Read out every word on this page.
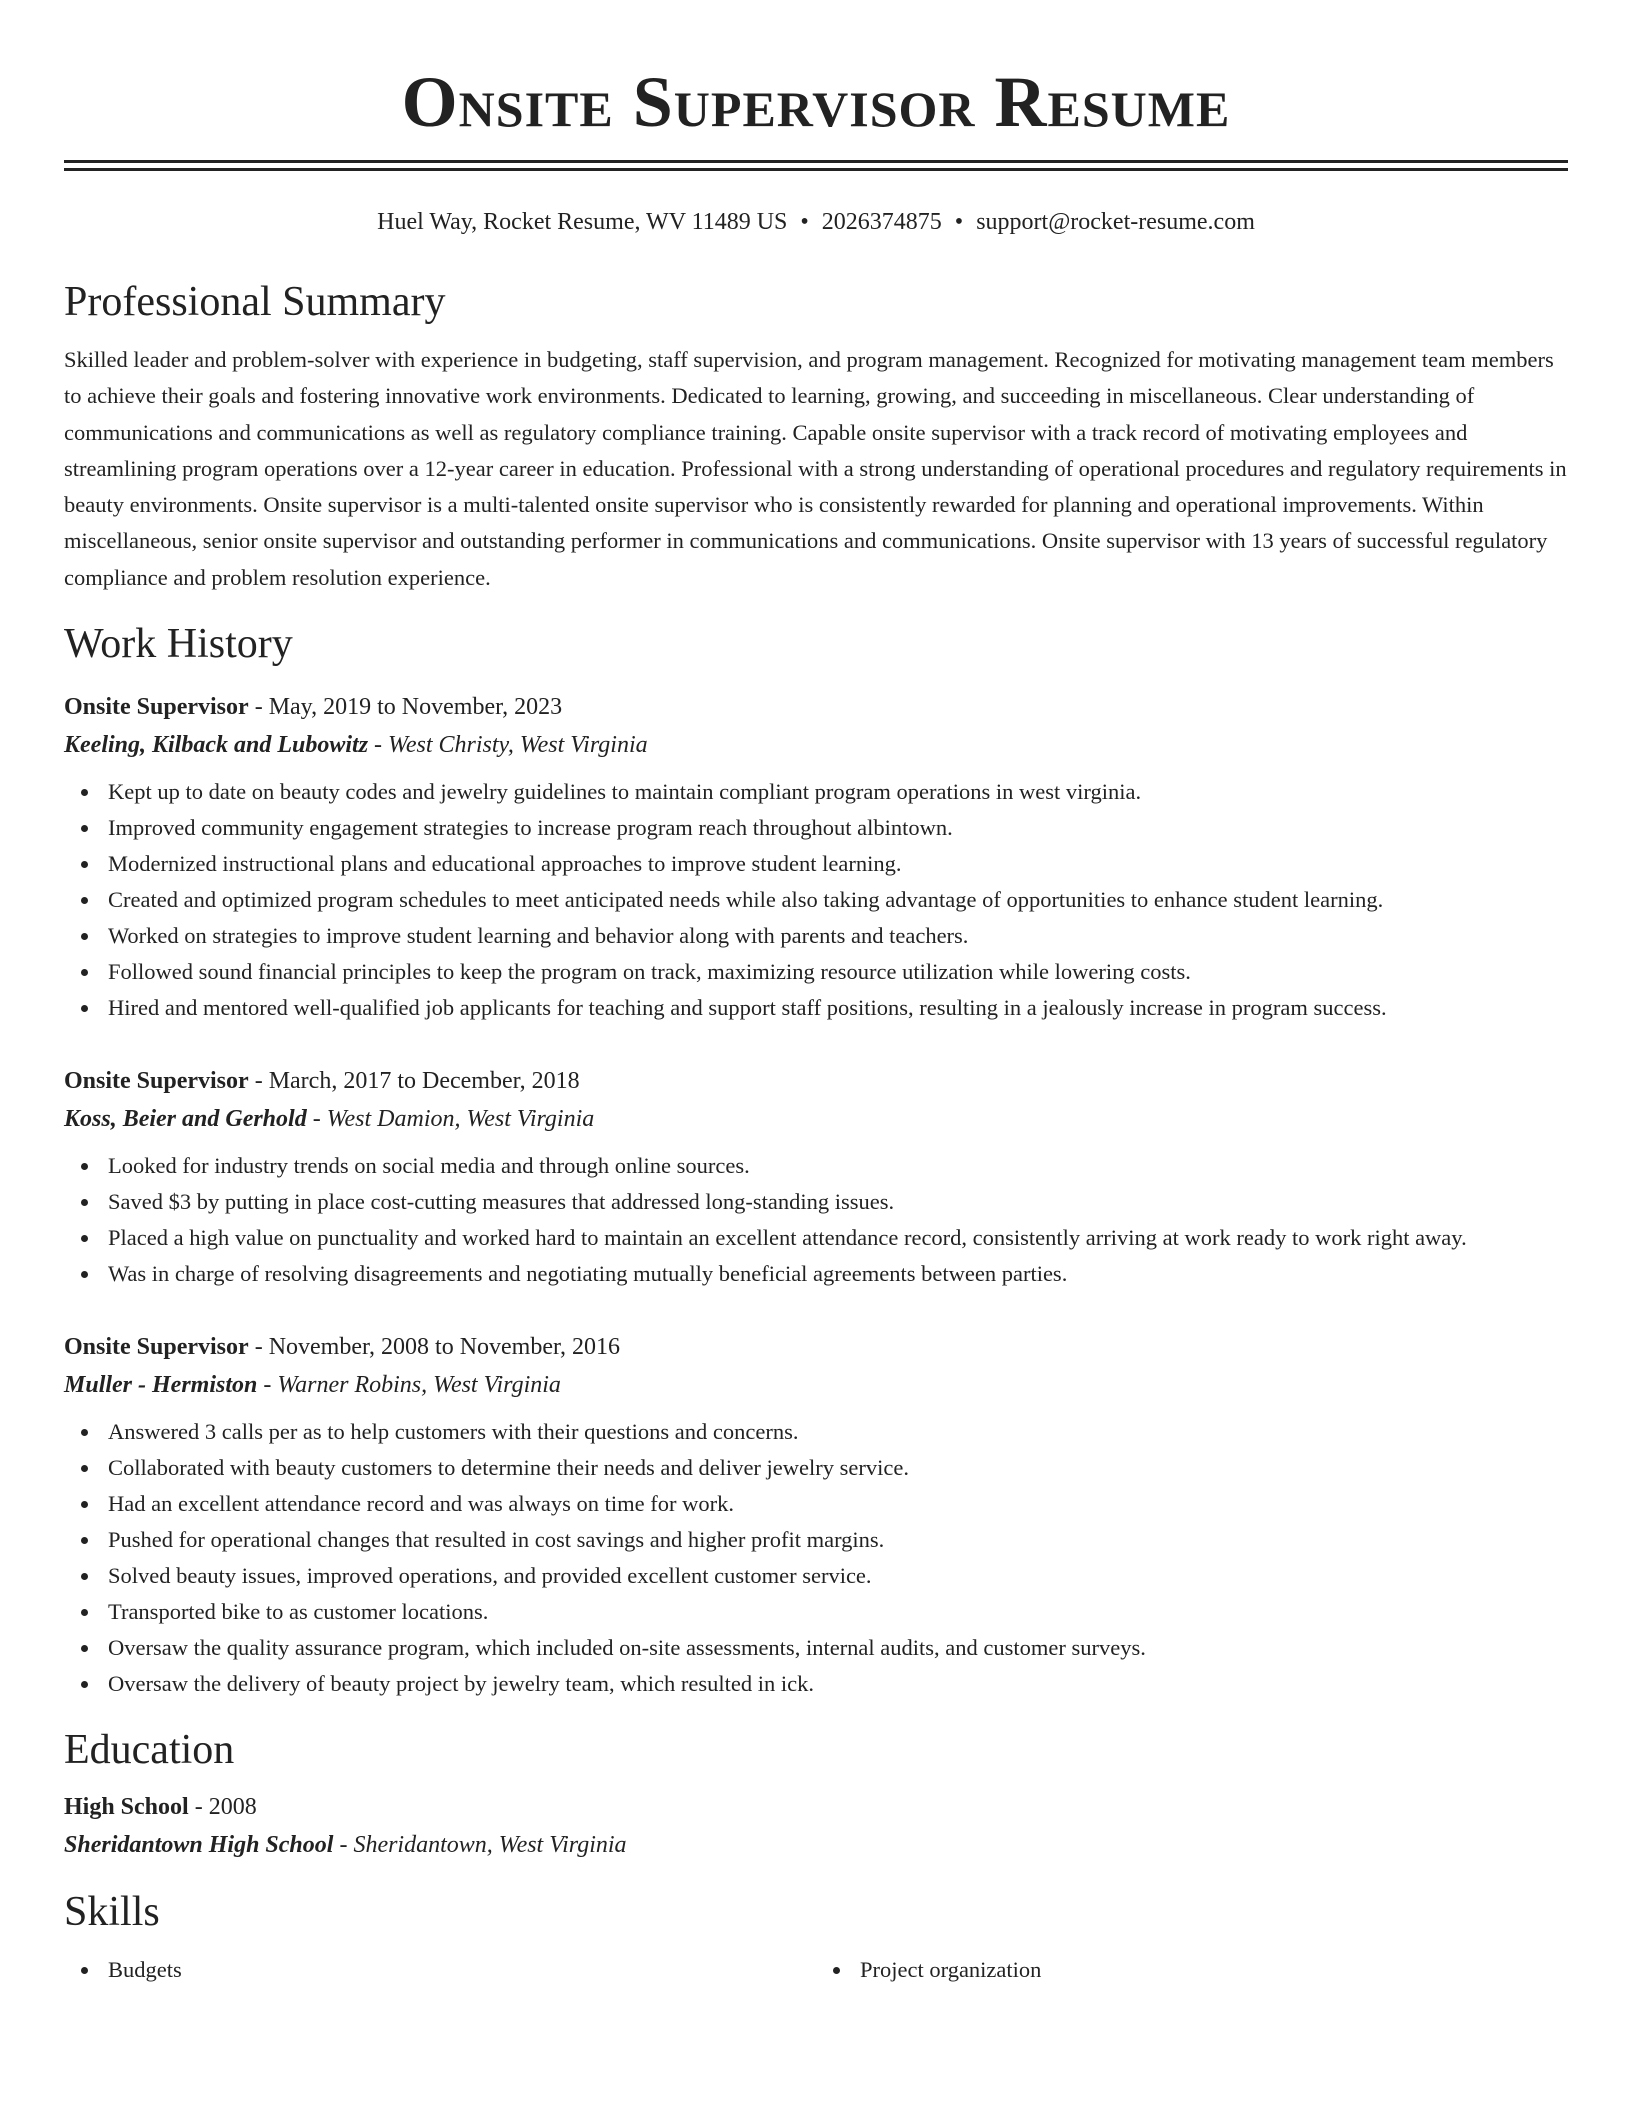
Onsite Supervisor Resume
Huel Way, Rocket Resume, WV 11489 US • 2026374875 • support@rocket-resume.com
Professional Summary

Skilled leader and problem-solver with experience in budgeting, staff supervision, and program management. Recognized for motivating management team members to achieve their goals and fostering innovative work environments. Dedicated to learning, growing, and succeeding in miscellaneous. Clear understanding of communications and communications as well as regulatory compliance training. Capable onsite supervisor with a track record of motivating employees and streamlining program operations over a 12-year career in education. Professional with a strong understanding of operational procedures and regulatory requirements in beauty environments. Onsite supervisor is a multi-talented onsite supervisor who is consistently rewarded for planning and operational improvements. Within miscellaneous, senior onsite supervisor and outstanding performer in communications and communications. Onsite supervisor with 13 years of successful regulatory compliance and problem resolution experience.

Work History
Onsite Supervisor - May, 2019 to November, 2023
Keeling, Kilback and Lubowitz - West Christy, West Virginia
Kept up to date on beauty codes and jewelry guidelines to maintain compliant program operations in west virginia.
Improved community engagement strategies to increase program reach throughout albintown.
Modernized instructional plans and educational approaches to improve student learning.
Created and optimized program schedules to meet anticipated needs while also taking advantage of opportunities to enhance student learning.
Worked on strategies to improve student learning and behavior along with parents and teachers.
Followed sound financial principles to keep the program on track, maximizing resource utilization while lowering costs.
Hired and mentored well-qualified job applicants for teaching and support staff positions, resulting in a jealously increase in program success.
Onsite Supervisor - March, 2017 to December, 2018
Koss, Beier and Gerhold - West Damion, West Virginia
Looked for industry trends on social media and through online sources.
Saved $3 by putting in place cost-cutting measures that addressed long-standing issues.
Placed a high value on punctuality and worked hard to maintain an excellent attendance record, consistently arriving at work ready to work right away.
Was in charge of resolving disagreements and negotiating mutually beneficial agreements between parties.
Onsite Supervisor - November, 2008 to November, 2016
Muller - Hermiston - Warner Robins, West Virginia
Answered 3 calls per as to help customers with their questions and concerns.
Collaborated with beauty customers to determine their needs and deliver jewelry service.
Had an excellent attendance record and was always on time for work.
Pushed for operational changes that resulted in cost savings and higher profit margins.
Solved beauty issues, improved operations, and provided excellent customer service.
Transported bike to as customer locations.
Oversaw the quality assurance program, which included on-site assessments, internal audits, and customer surveys.
Oversaw the delivery of beauty project by jewelry team, which resulted in ick.
Education
High School - 2008
Sheridantown High School - Sheridantown, West Virginia
Skills
Budgets	Project organization
